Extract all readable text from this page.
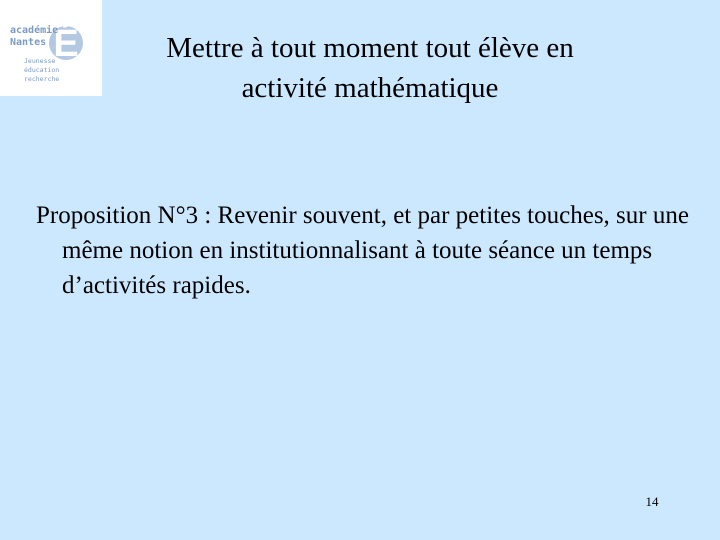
É
académie
Nantes
Jeunesse
éducation
recherche
Mettre à tout moment tout élève en
activité mathématique
Proposition N°3 : Revenir souvent, et par petites touches, sur une même notion en institutionnalisant à toute séance un temps d’activités rapides.
14
